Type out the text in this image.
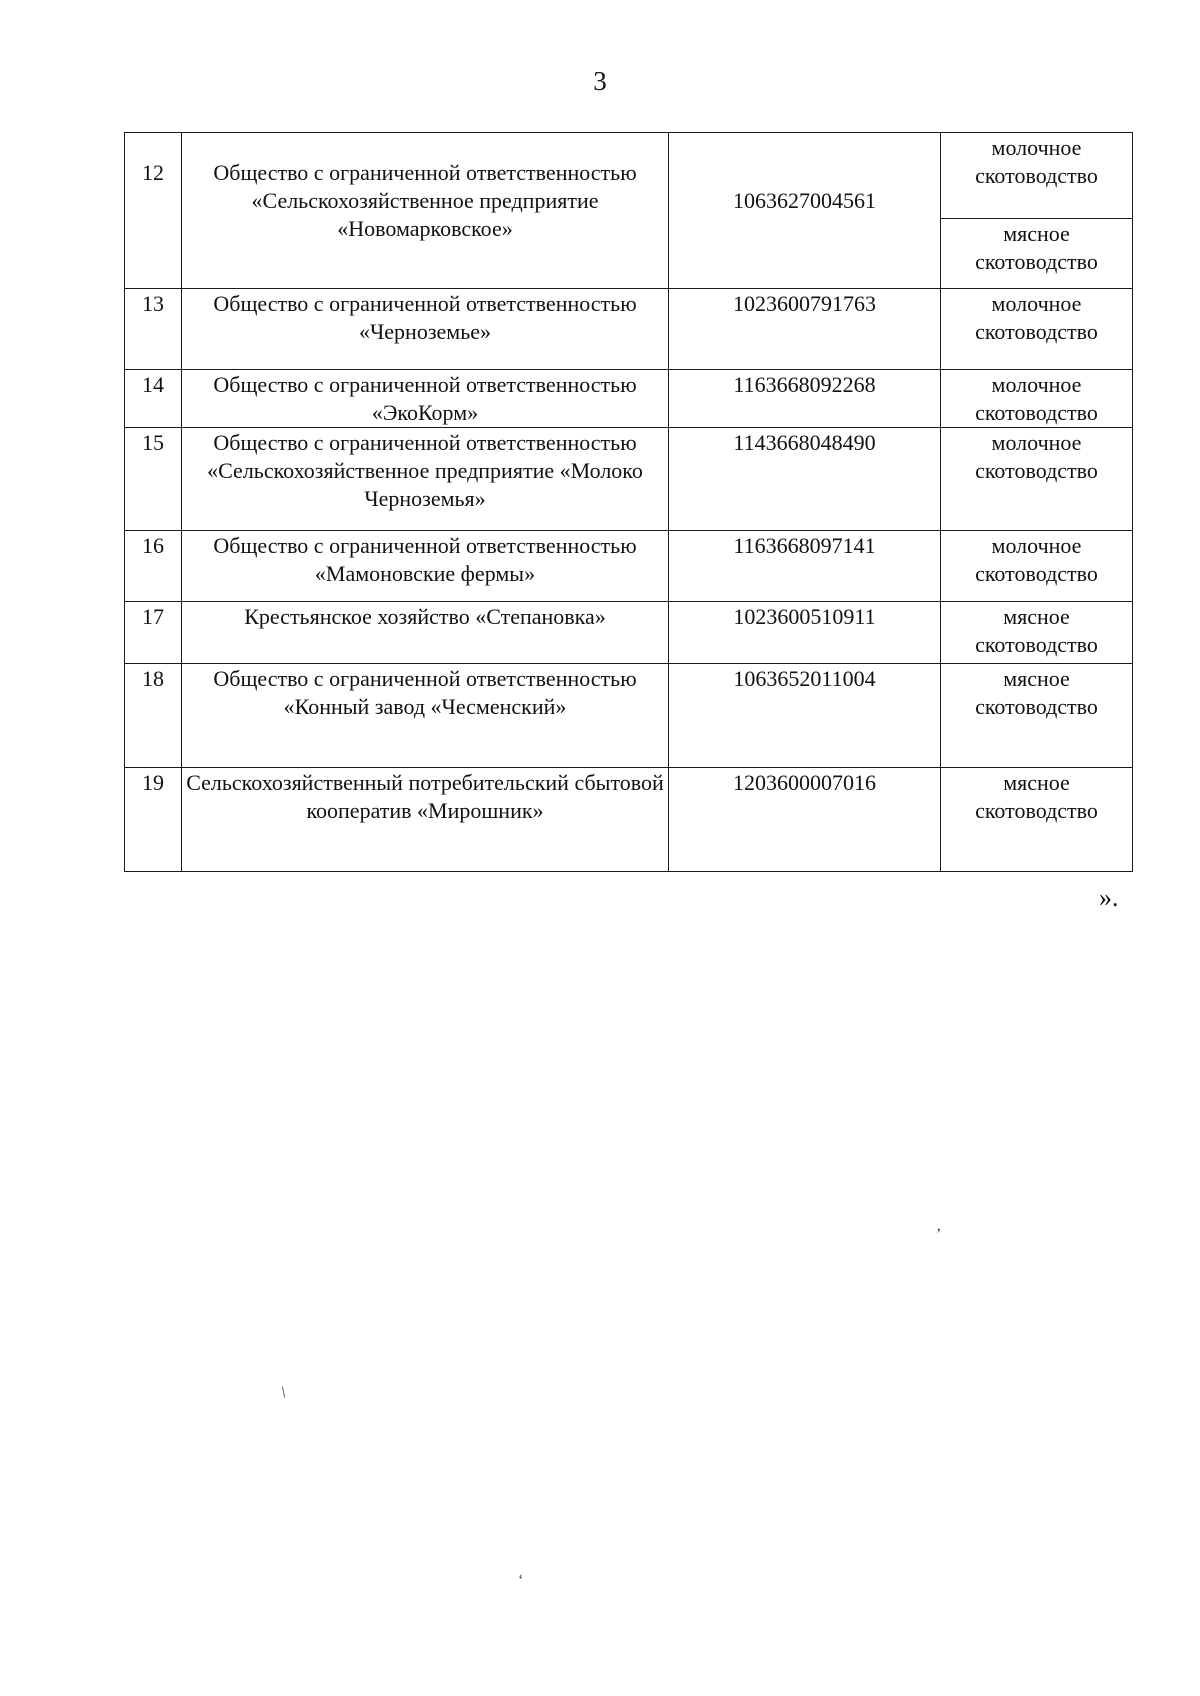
3
12	Общество с ограниченной ответственностью «Сельскохозяйственное предприятие «Новомарковское»	1063627004561	молочное скотоводство
			мясное скотоводство
13	Общество с ограниченной ответственностью «Черноземье»	1023600791763	молочное скотоводство
14	Общество с ограниченной ответственностью «ЭкоКорм»	1163668092268	молочное скотоводство
15	Общество с ограниченной ответственностью «Сельскохозяйственное предприятие «Молоко Черноземья»	1143668048490	молочное скотоводство
16	Общество с ограниченной ответственностью «Мамоновские фермы»	1163668097141	молочное скотоводство
17	Крестьянское хозяйство «Степановка»	1023600510911	мясное скотоводство
18	Общество с ограниченной ответственностью «Конный завод «Чесменский»	1063652011004	мясное скотоводство
19	Сельскохозяйственный потребительский сбытовой кооператив «Мирошник»	1203600007016	мясное скотоводство
».
’
/
‘
